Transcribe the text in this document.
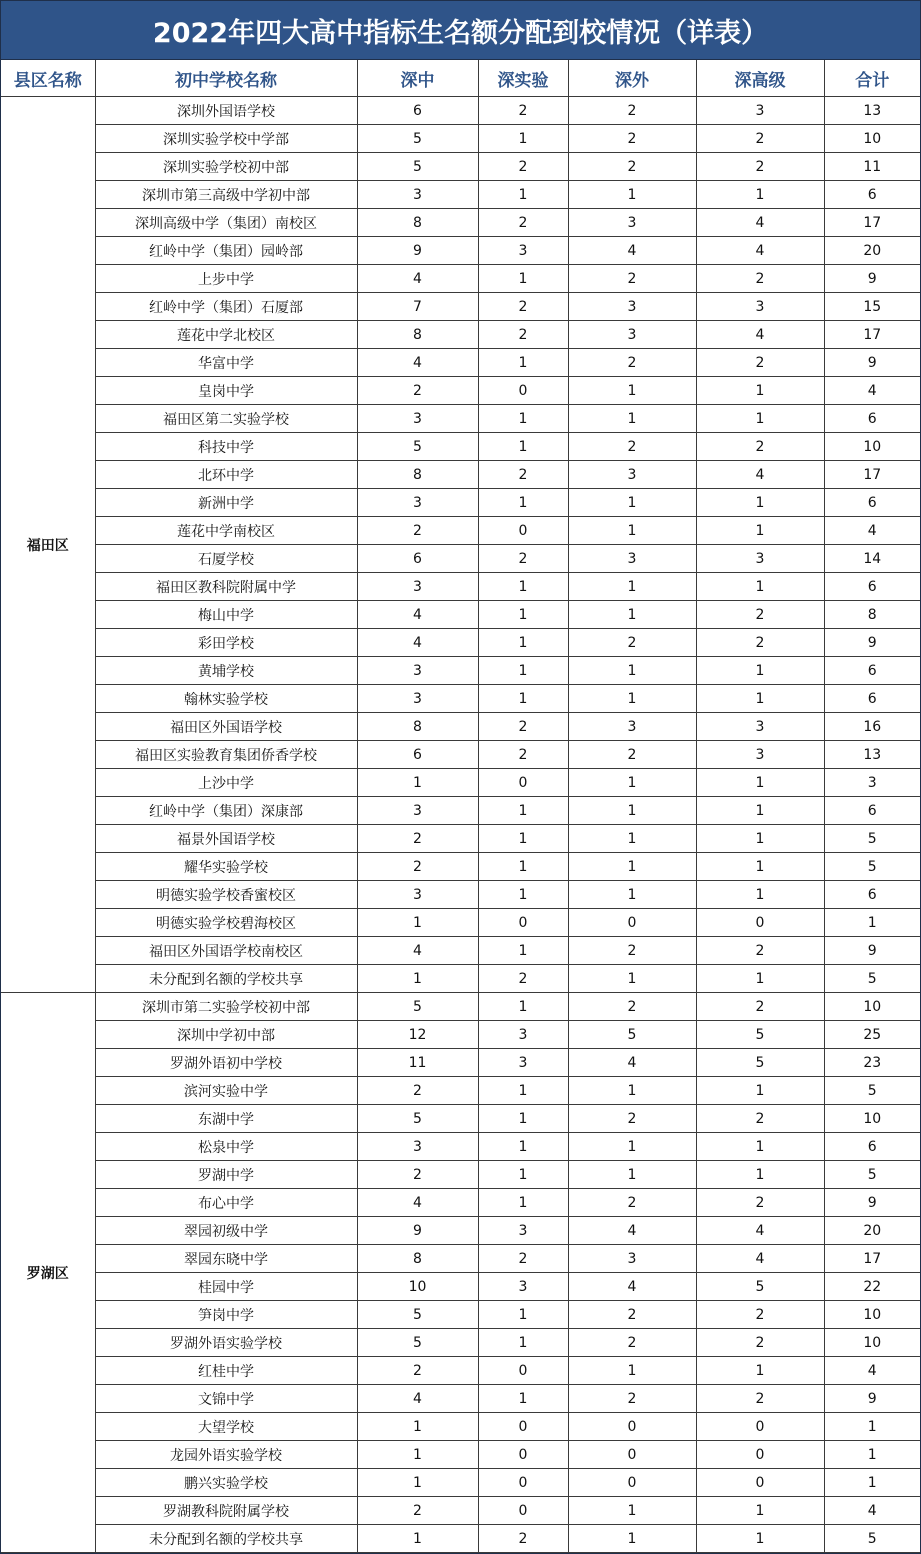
2022年四大高中指标生名额分配到校情况（详表）
县区名称	初中学校名称	深中	深实验	深外	深高级	合计
福田区	深圳外国语学校	6	2	2	3	13
	深圳实验学校中学部	5	1	2	2	10
	深圳实验学校初中部	5	2	2	2	11
	深圳市第三高级中学初中部	3	1	1	1	6
	深圳高级中学（集团）南校区	8	2	3	4	17
	红岭中学（集团）园岭部	9	3	4	4	20
	上步中学	4	1	2	2	9
	红岭中学（集团）石厦部	7	2	3	3	15
	莲花中学北校区	8	2	3	4	17
	华富中学	4	1	2	2	9
	皇岗中学	2	0	1	1	4
	福田区第二实验学校	3	1	1	1	6
	科技中学	5	1	2	2	10
	北环中学	8	2	3	4	17
	新洲中学	3	1	1	1	6
	莲花中学南校区	2	0	1	1	4
	石厦学校	6	2	3	3	14
	福田区教科院附属中学	3	1	1	1	6
	梅山中学	4	1	1	2	8
	彩田学校	4	1	2	2	9
	黄埔学校	3	1	1	1	6
	翰林实验学校	3	1	1	1	6
	福田区外国语学校	8	2	3	3	16
	福田区实验教育集团侨香学校	6	2	2	3	13
	上沙中学	1	0	1	1	3
	红岭中学（集团）深康部	3	1	1	1	6
	福景外国语学校	2	1	1	1	5
	耀华实验学校	2	1	1	1	5
	明德实验学校香蜜校区	3	1	1	1	6
	明德实验学校碧海校区	1	0	0	0	1
	福田区外国语学校南校区	4	1	2	2	9
	未分配到名额的学校共享	1	2	1	1	5
罗湖区	深圳市第二实验学校初中部	5	1	2	2	10
	深圳中学初中部	12	3	5	5	25
	罗湖外语初中学校	11	3	4	5	23
	滨河实验中学	2	1	1	1	5
	东湖中学	5	1	2	2	10
	松泉中学	3	1	1	1	6
	罗湖中学	2	1	1	1	5
	布心中学	4	1	2	2	9
	翠园初级中学	9	3	4	4	20
	翠园东晓中学	8	2	3	4	17
	桂园中学	10	3	4	5	22
	笋岗中学	5	1	2	2	10
	罗湖外语实验学校	5	1	2	2	10
	红桂中学	2	0	1	1	4
	文锦中学	4	1	2	2	9
	大望学校	1	0	0	0	1
	龙园外语实验学校	1	0	0	0	1
	鹏兴实验学校	1	0	0	0	1
	罗湖教科院附属学校	2	0	1	1	4
	未分配到名额的学校共享	1	2	1	1	5
